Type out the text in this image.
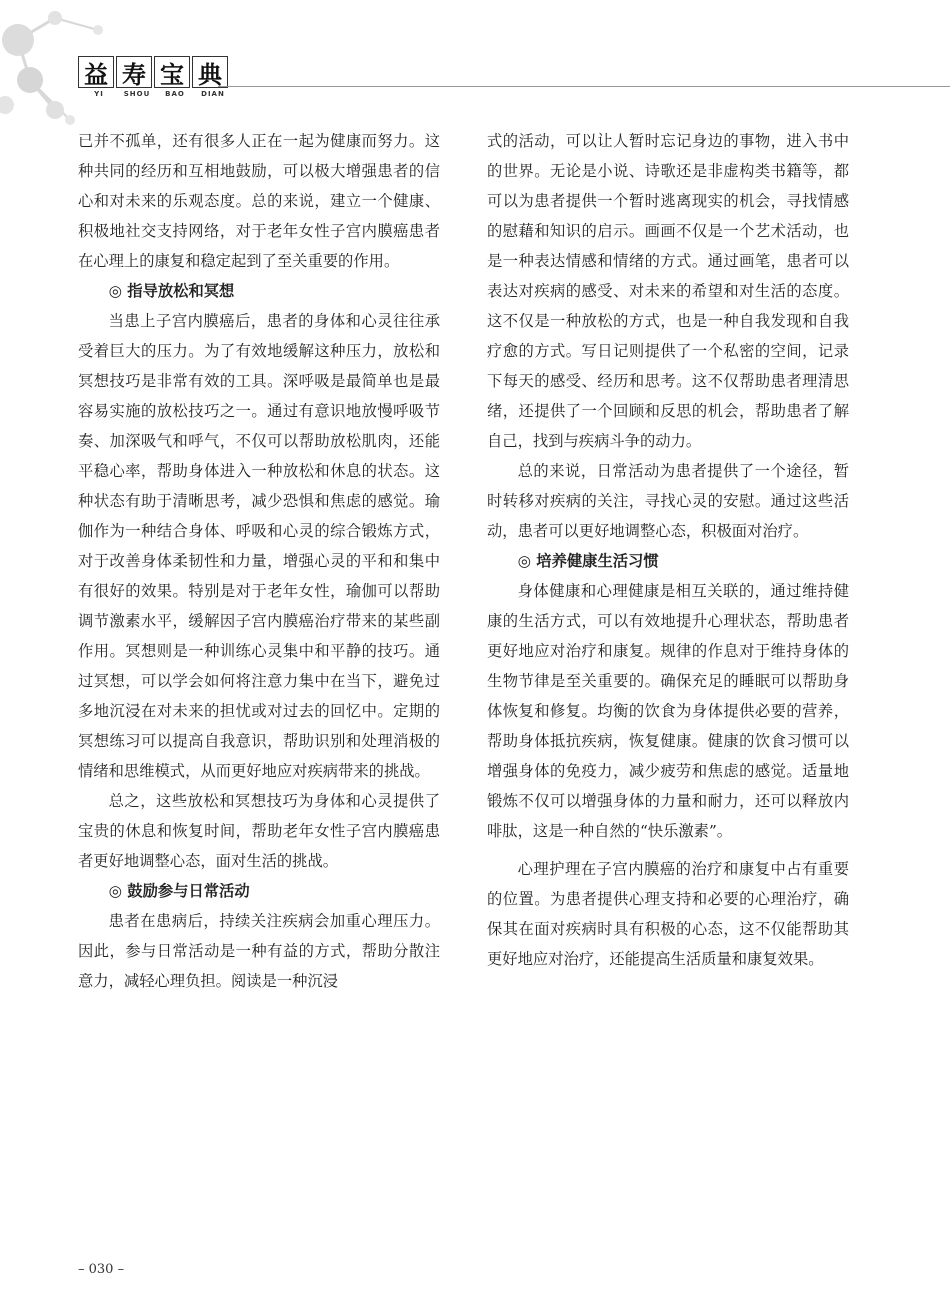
益 寿 宝 典
YI	SHOU	BAO	DIAN

已并不孤单，还有很多人正在一起为健康而努力。这种共同的经历和互相地鼓励，可以极大增强患者的信心和对未来的乐观态度。总的来说，建立一个健康、积极地社交支持网络，对于老年女性子宫内膜癌患者在心理上的康复和稳定起到了至关重要的作用。

◎ 指导放松和冥想

当患上子宫内膜癌后，患者的身体和心灵往往承受着巨大的压力。为了有效地缓解这种压力，放松和冥想技巧是非常有效的工具。深呼吸是最简单也是最容易实施的放松技巧之一。通过有意识地放慢呼吸节奏、加深吸气和呼气，不仅可以帮助放松肌肉，还能平稳心率，帮助身体进入一种放松和休息的状态。这种状态有助于清晰思考，减少恐惧和焦虑的感觉。瑜伽作为一种结合身体、呼吸和心灵的综合锻炼方式，对于改善身体柔韧性和力量，增强心灵的平和和集中有很好的效果。特别是对于老年女性，瑜伽可以帮助调节激素水平，缓解因子宫内膜癌治疗带来的某些副作用。冥想则是一种训练心灵集中和平静的技巧。通过冥想，可以学会如何将注意力集中在当下，避免过多地沉浸在对未来的担忧或对过去的回忆中。定期的冥想练习可以提高自我意识，帮助识别和处理消极的情绪和思维模式，从而更好地应对疾病带来的挑战。

总之，这些放松和冥想技巧为身体和心灵提供了宝贵的休息和恢复时间，帮助老年女性子宫内膜癌患者更好地调整心态，面对生活的挑战。

◎ 鼓励参与日常活动

患者在患病后，持续关注疾病会加重心理压力。因此，参与日常活动是一种有益的方式，帮助分散注意力，减轻心理负担。阅读是一种沉浸

式的活动，可以让人暂时忘记身边的事物，进入书中的世界。无论是小说、诗歌还是非虚构类书籍等，都可以为患者提供一个暂时逃离现实的机会，寻找情感的慰藉和知识的启示。画画不仅是一个艺术活动，也是一种表达情感和情绪的方式。通过画笔，患者可以表达对疾病的感受、对未来的希望和对生活的态度。这不仅是一种放松的方式，也是一种自我发现和自我疗愈的方式。写日记则提供了一个私密的空间，记录下每天的感受、经历和思考。这不仅帮助患者理清思绪，还提供了一个回顾和反思的机会，帮助患者了解自己，找到与疾病斗争的动力。

总的来说，日常活动为患者提供了一个途径，暂时转移对疾病的关注，寻找心灵的安慰。通过这些活动，患者可以更好地调整心态，积极面对治疗。

◎ 培养健康生活习惯

身体健康和心理健康是相互关联的，通过维持健康的生活方式，可以有效地提升心理状态，帮助患者更好地应对治疗和康复。规律的作息对于维持身体的生物节律是至关重要的。确保充足的睡眠可以帮助身体恢复和修复。均衡的饮食为身体提供必要的营养，帮助身体抵抗疾病，恢复健康。健康的饮食习惯可以增强身体的免疫力，减少疲劳和焦虑的感觉。适量地锻炼不仅可以增强身体的力量和耐力，还可以释放内啡肽，这是一种自然的“快乐激素”。

心理护理在子宫内膜癌的治疗和康复中占有重要的位置。为患者提供心理支持和必要的心理治疗，确保其在面对疾病时具有积极的心态，这不仅能帮助其更好地应对治疗，还能提高生活质量和康复效果。

– 030 –
